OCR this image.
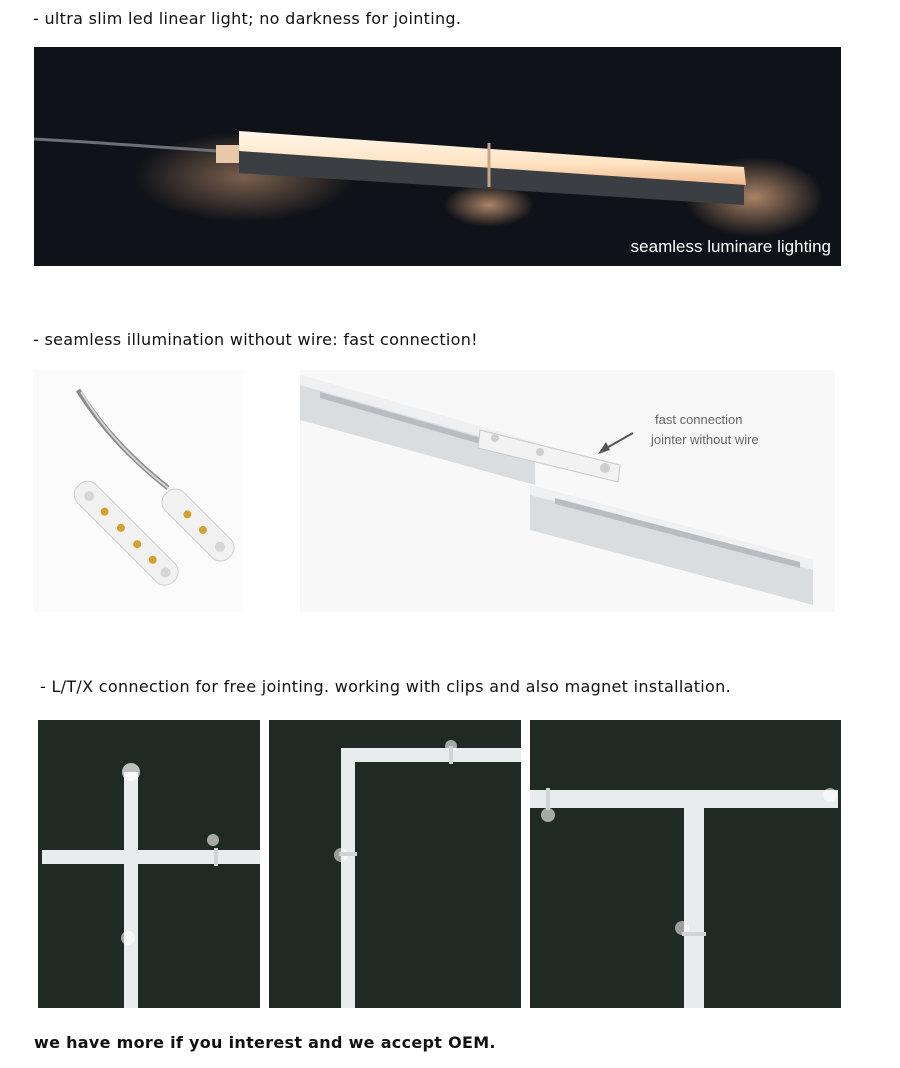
- ultra slim led linear light; no darkness for jointing.
seamless luminare lighting
- seamless illumination without wire: fast connection!
fast connection
jointer without wire
- L/T/X connection for free jointing. working with clips and also magnet installation.
we have more if you interest and we accept OEM.
